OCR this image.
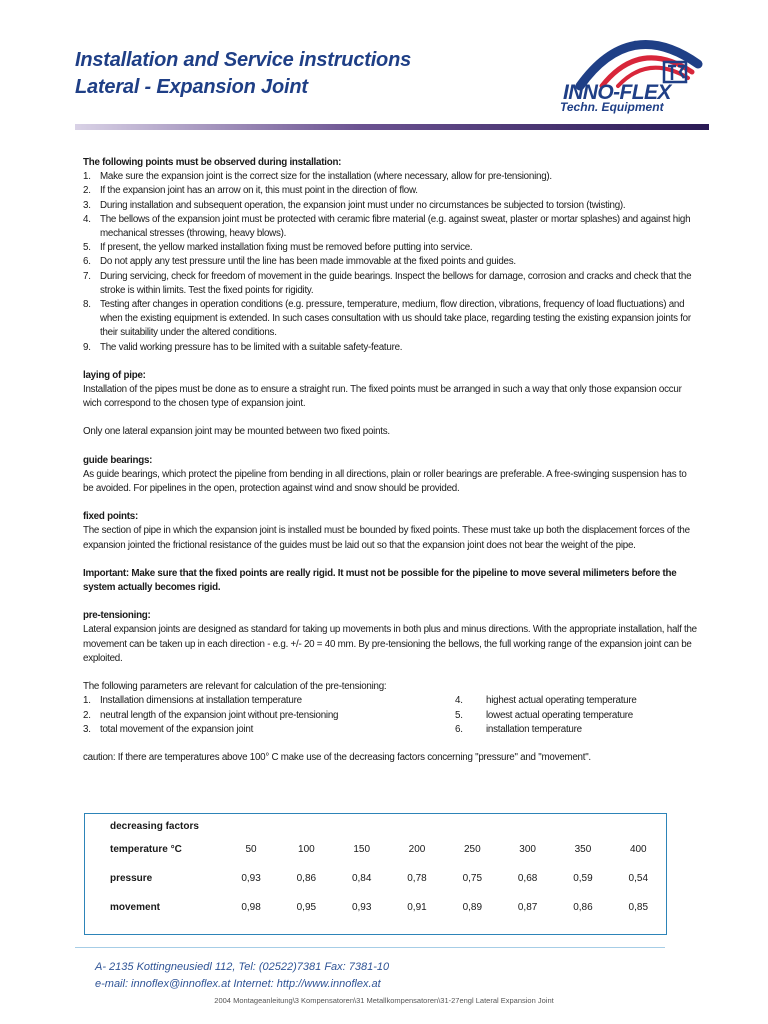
Installation and Service instructions
Lateral - Expansion Joint	INNO-FLEX
Techn. Equipment
The following points must be observed during installation:
1. Make sure the expansion joint is the correct size for the installation (where necessary, allow for pre-tensioning).
2. If the expansion joint has an arrow on it, this must point in the direction of flow.
3. During installation and subsequent operation, the expansion joint must under no circumstances be subjected to torsion (twisting).
4. The bellows of the expansion joint must be protected with ceramic fibre material (e.g. against sweat, plaster or mortar splashes) and against high mechanical stresses (throwing, heavy blows).
5. If present, the yellow marked installation fixing must be removed before putting into service.
6. Do not apply any test pressure until the line has been made immovable at the fixed points and guides.
7. During servicing, check for freedom of movement in the guide bearings. Inspect the bellows for damage, corrosion and cracks and check that the stroke is within limits. Test the fixed points for rigidity.
8. Testing after changes in operation conditions (e.g. pressure, temperature, medium, flow direction, vibrations, frequency of load fluctuations) and when the existing equipment is extended. In such cases consultation with us should take place, regarding testing the existing expansion joints for their suitability under the altered conditions.
9. The valid working pressure has to be limited with a suitable safety-feature.
laying of pipe:
Installation of the pipes must be done as to ensure a straight run. The fixed points must be arranged in such a way that only those expansion occur wich correspond to the chosen type of expansion joint.
Only one lateral expansion joint may be mounted between two fixed points.
guide bearings:
As guide bearings, which protect the pipeline from bending in all directions, plain or roller bearings are preferable. A free-swinging suspension has to be avoided. For pipelines in the open, protection against wind and snow should be provided.
fixed points:
The section of pipe in which the expansion joint is installed must be bounded by fixed points. These must take up both the displacement forces of the expansion jointed the frictional resistance of the guides must be laid out so that the expansion joint does not bear the weight of the pipe.
Important: Make sure that the fixed points are really rigid. It must not be possible for the pipeline to move several milimeters before the system actually becomes rigid.
pre-tensioning:
Lateral expansion joints are designed as standard for taking up movements in both plus and minus directions. With the appropriate installation, half the movement can be taken up in each direction - e.g. +/- 20 = 40 mm. By pre-tensioning the bellows, the full working range of the expansion joint can be exploited.
The following parameters are relevant for calculation of the pre-tensioning:
1. Installation dimensions at installation temperature
2. neutral length of the expansion joint without pre-tensioning
3. total movement of the expansion joint
4. highest actual operating temperature
5. lowest actual operating temperature
6. installation temperature
caution: If there are temperatures above 100° C make use of the decreasing factors concerning "pressure" and "movement".
decreasing factors								
temperature °C	50	100	150	200	250	300	350	400
pressure	0,93	0,86	0,84	0,78	0,75	0,68	0,59	0,54
movement	0,98	0,95	0,93	0,91	0,89	0,87	0,86	0,85
A- 2135 Kottingneusiedl 112, Tel: (02522)7381 Fax: 7381-10
e-mail: innoflex@innoflex.at Internet: http://www.innoflex.at
2004 Montageanleitung\3 Kompensatoren\31 Metallkompensatoren\31-27engl Lateral Expansion Joint
